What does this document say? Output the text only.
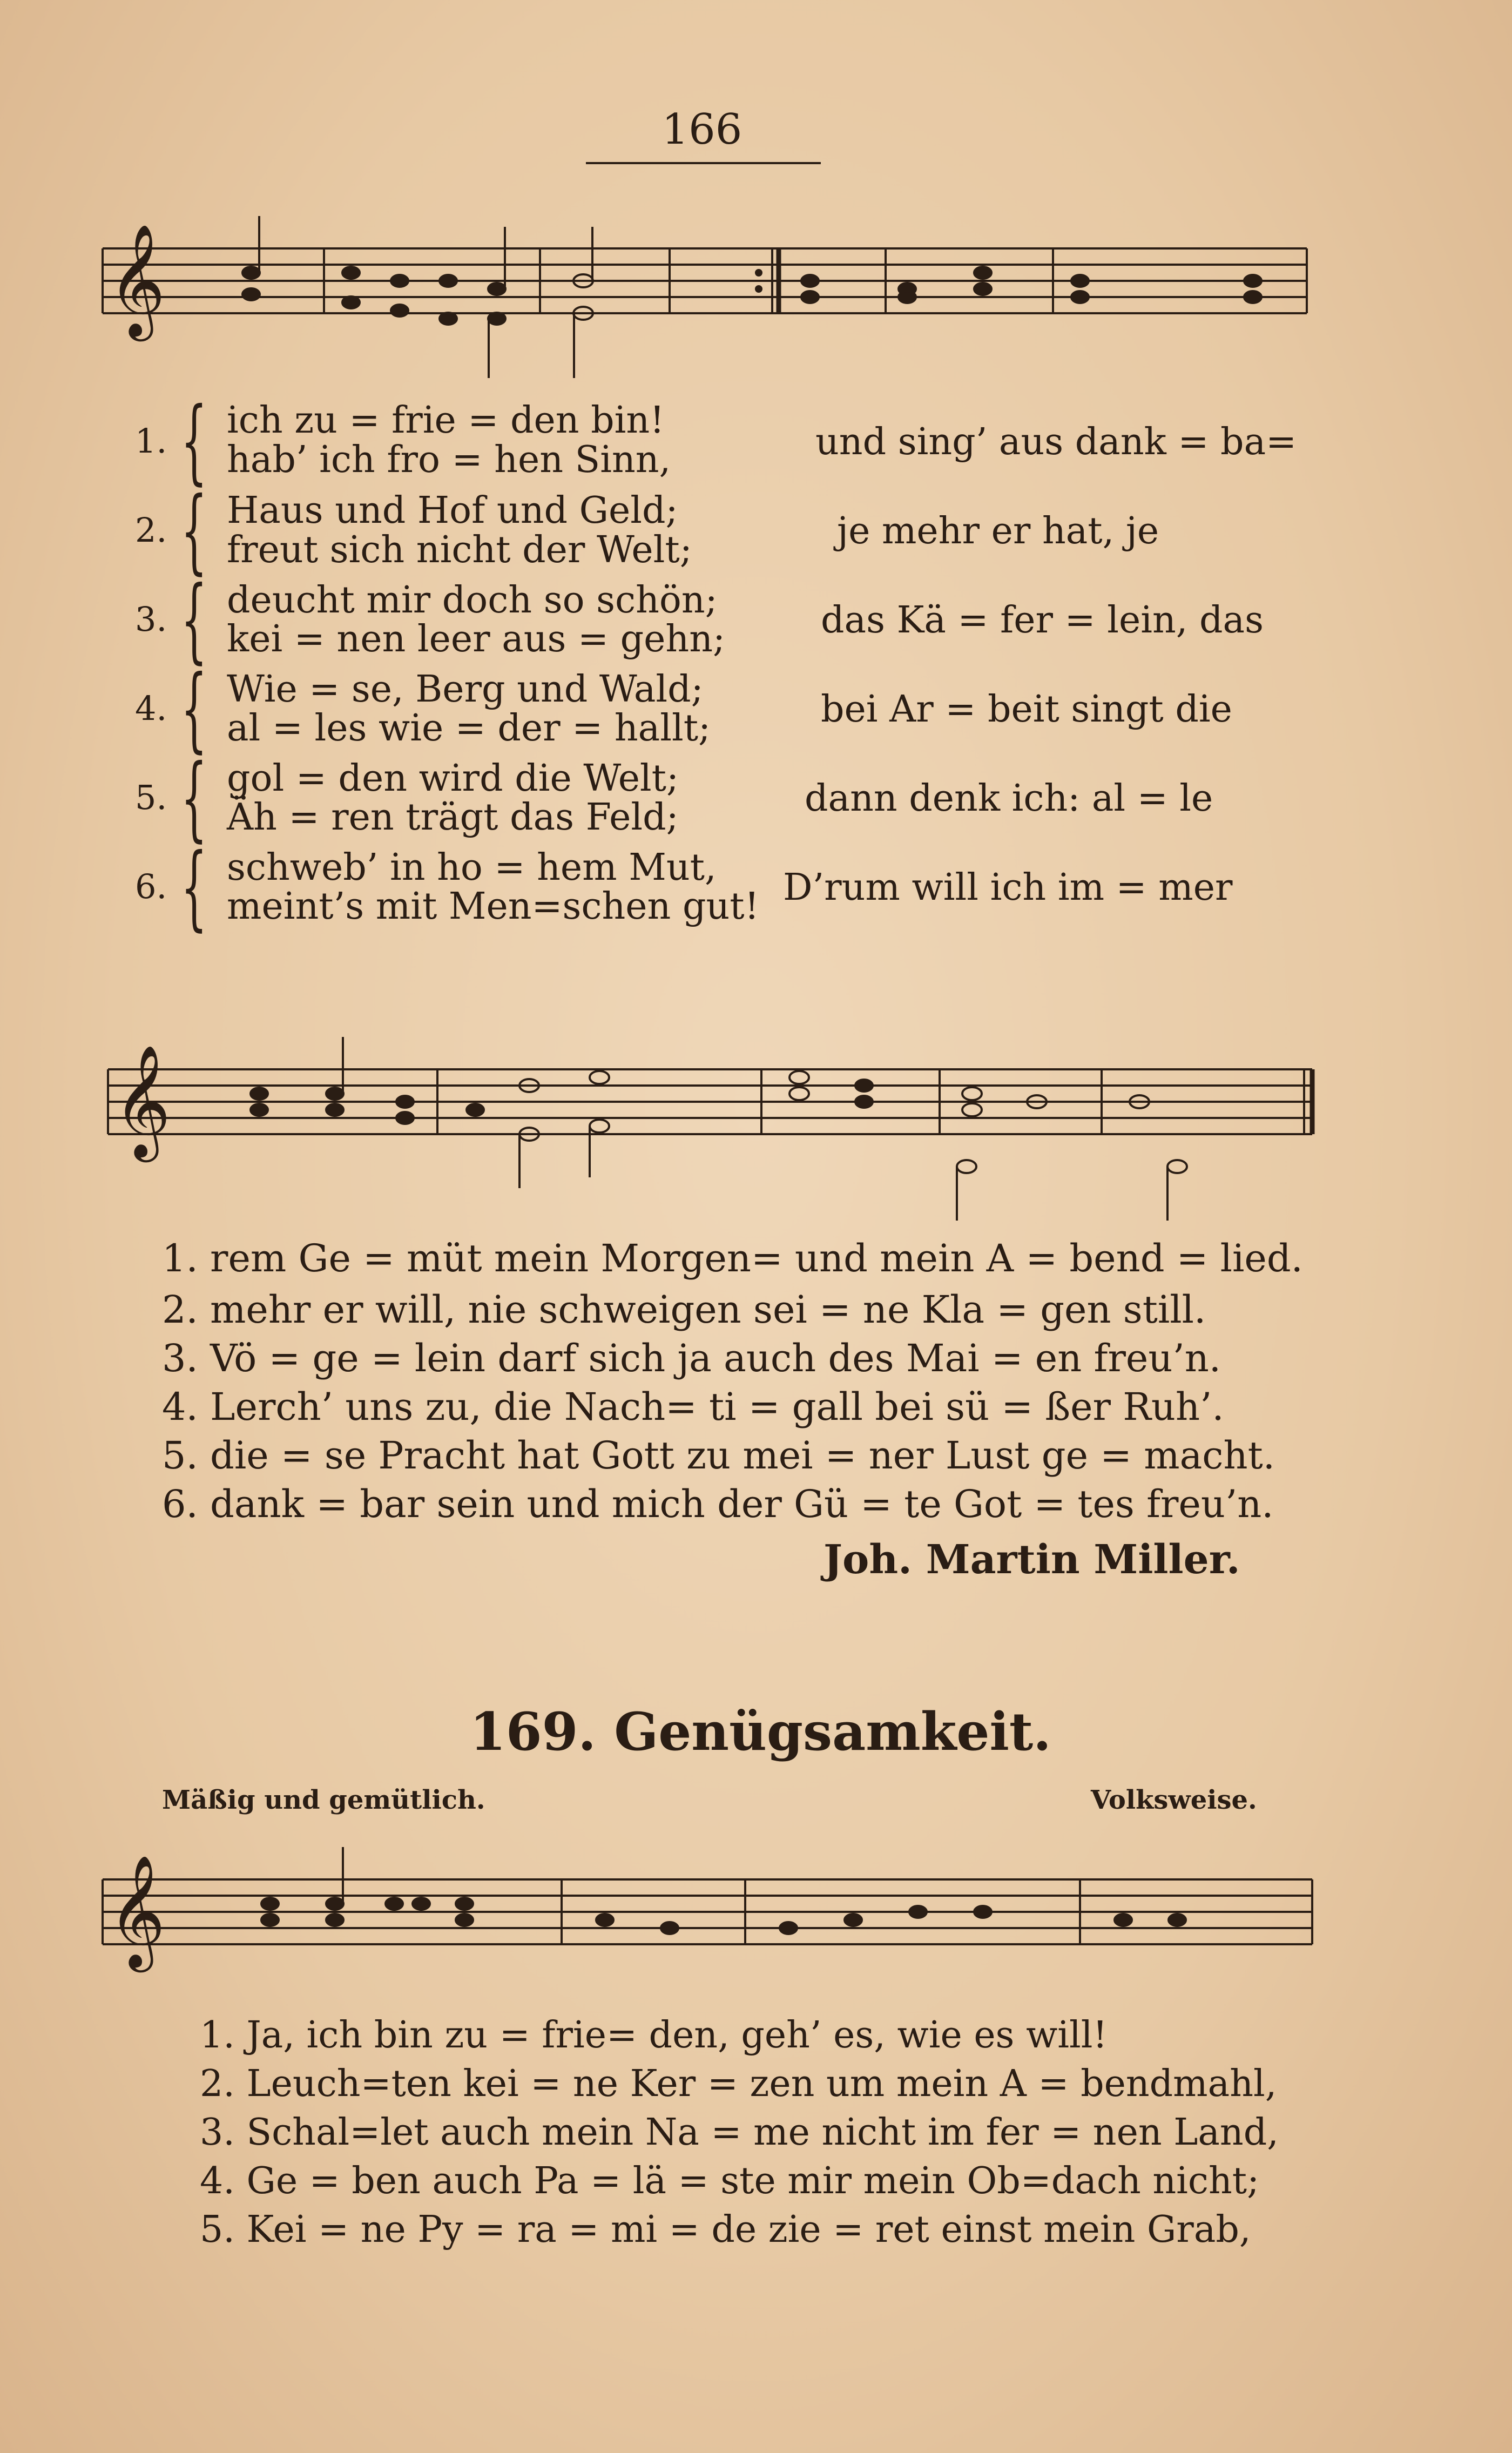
166
𝄞
1. { ich zu = frie = den bin!
hab’ ich fro = hen Sinn,	und sing’ aus dank = ba=
2. { Haus und Hof und Geld;
freut sich nicht der Welt;	je mehr er hat, je
3. { deucht mir doch so schön;
kei = nen leer aus = gehn;	das Kä = fer = lein, das
4. { Wie = se, Berg und Wald;
al = les wie = der = hallt;	bei Ar = beit singt die
5. { gol = den wird die Welt;
Äh = ren trägt das Feld;	dann denk ich: al = le
6. { schweb’ in ho = hem Mut,
meint’s mit Men=schen gut! D’rum will ich im = mer
𝄞
1. rem Ge = müt mein Morgen= und mein A = bend = lied.
2. mehr er will, nie schweigen sei = ne Kla = gen still.
3. Vö = ge = lein darf sich ja auch des Mai = en freu’n.
4. Lerch’ uns zu, die Nach= ti = gall bei sü = ßer Ruh’.
5. die = se Pracht hat Gott zu mei = ner Lust ge = macht.
6. dank = bar sein und mich der Gü = te Got = tes freu’n.
Joh. Martin Miller.
169. Genügsamkeit.
Mäßig und gemütlich.	Volksweise.
𝄞
1. Ja, ich bin zu = frie= den, geh’ es, wie es will!
2. Leuch=ten kei = ne Ker = zen um mein A = bendmahl,
3. Schal=let auch mein Na = me nicht im fer = nen Land,
4. Ge = ben auch Pa = lä = ste mir mein Ob=dach nicht;
5. Kei = ne Py = ra = mi = de zie = ret einst mein Grab,
